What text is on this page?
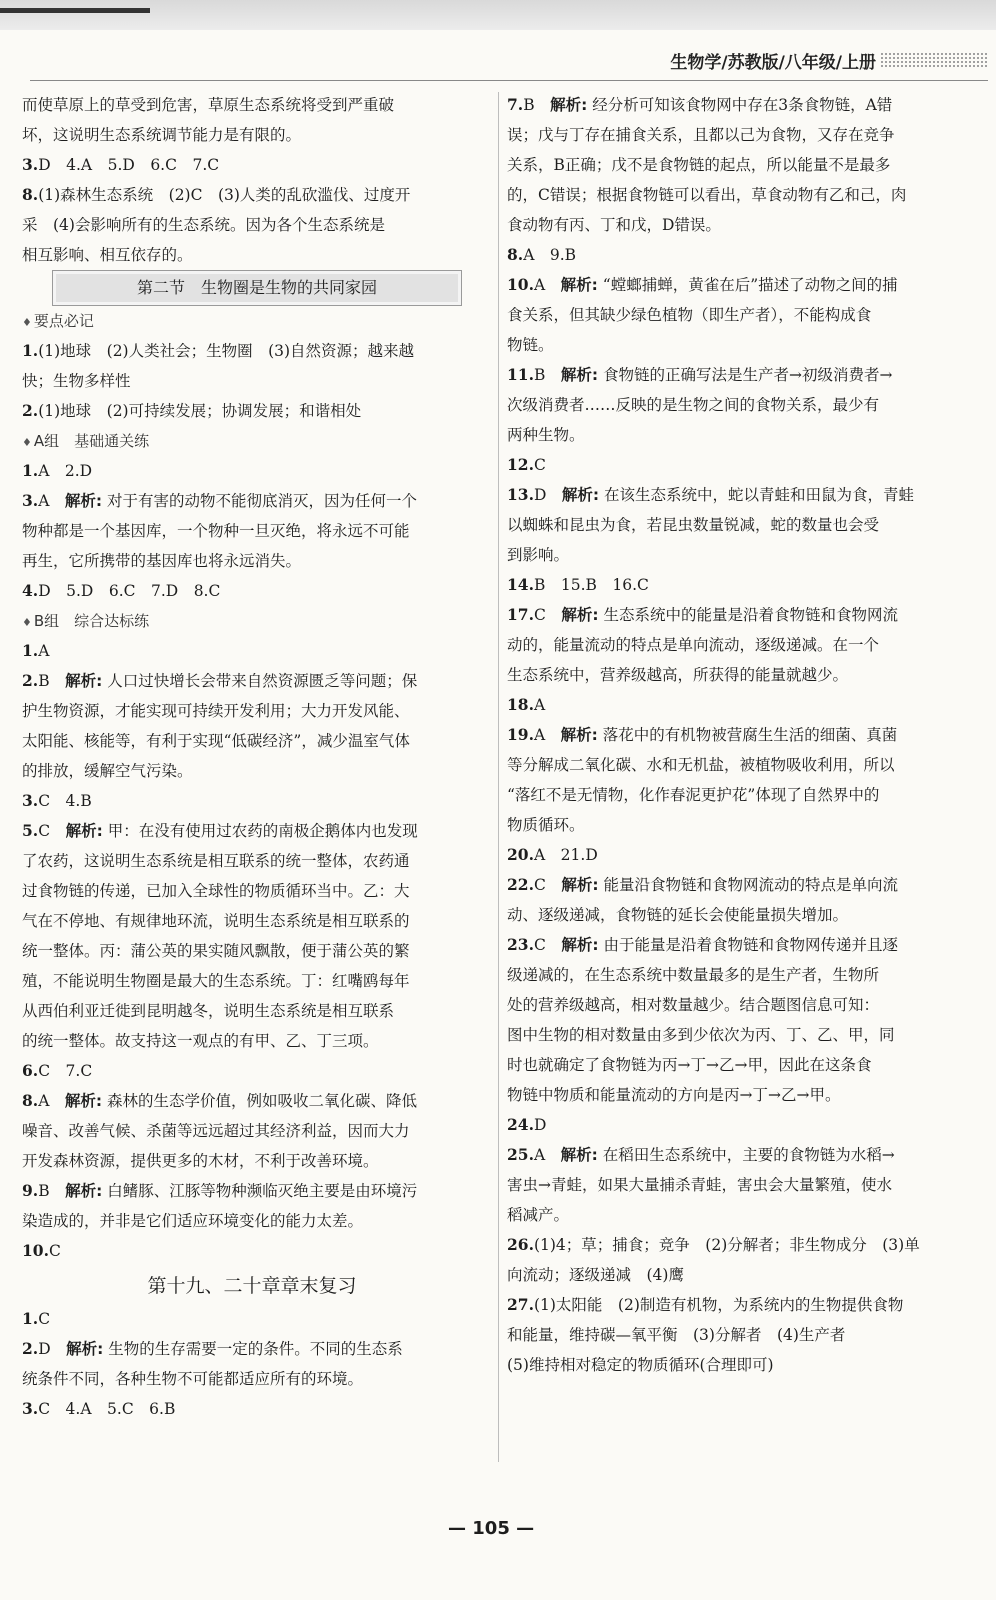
生物学/苏教版/八年级/上册
而使草原上的草受到危害，草原生态系统将受到严重破
坏，这说明生态系统调节能力是有限的。
3.D　4.A　5.D　6.C　7.C
8.(1)森林生态系统　(2)C　(3)人类的乱砍滥伐、过度开
采　(4)会影响所有的生态系统。因为各个生态系统是
相互影响、相互依存的。
第二节　生物圈是生物的共同家园
♦ 要点必记
1.(1)地球　(2)人类社会；生物圈　(3)自然资源；越来越
快；生物多样性
2.(1)地球　(2)可持续发展；协调发展；和谐相处
♦ A组　基础通关练
1.A　2.D
3.A　解析: 对于有害的动物不能彻底消灭，因为任何一个
物种都是一个基因库，一个物种一旦灭绝，将永远不可能
再生，它所携带的基因库也将永远消失。
4.D　5.D　6.C　7.D　8.C
♦ B组　综合达标练
1.A
2.B　解析: 人口过快增长会带来自然资源匮乏等问题；保
护生物资源，才能实现可持续开发利用；大力开发风能、
太阳能、核能等，有利于实现“低碳经济”，减少温室气体
的排放，缓解空气污染。
3.C　4.B
5.C　解析: 甲：在没有使用过农药的南极企鹅体内也发现
了农药，这说明生态系统是相互联系的统一整体，农药通
过食物链的传递，已加入全球性的物质循环当中。乙：大
气在不停地、有规律地环流，说明生态系统是相互联系的
统一整体。丙：蒲公英的果实随风飘散，便于蒲公英的繁
殖，不能说明生物圈是最大的生态系统。丁：红嘴鸥每年
从西伯利亚迁徙到昆明越冬，说明生态系统是相互联系
的统一整体。故支持这一观点的有甲、乙、丁三项。
6.C　7.C
8.A　解析: 森林的生态学价值，例如吸收二氧化碳、降低
噪音、改善气候、杀菌等远远超过其经济利益，因而大力
开发森林资源，提供更多的木材，不利于改善环境。
9.B　解析: 白鳍豚、江豚等物种濒临灭绝主要是由环境污
染造成的，并非是它们适应环境变化的能力太差。
10.C
第十九、二十章章末复习
1.C
2.D　解析: 生物的生存需要一定的条件。不同的生态系
统条件不同，各种生物不可能都适应所有的环境。
3.C　4.A　5.C　6.B
7.B　解析: 经分析可知该食物网中存在3条食物链，A错
误；戊与丁存在捕食关系，且都以己为食物，又存在竞争
关系，B正确；戊不是食物链的起点，所以能量不是最多
的，C错误；根据食物链可以看出，草食动物有乙和己，肉
食动物有丙、丁和戊，D错误。
8.A　9.B
10.A　解析: “螳螂捕蝉，黄雀在后”描述了动物之间的捕
食关系，但其缺少绿色植物（即生产者），不能构成食
物链。
11.B　解析: 食物链的正确写法是生产者→初级消费者→
次级消费者……反映的是生物之间的食物关系，最少有
两种生物。
12.C
13.D　解析: 在该生态系统中，蛇以青蛙和田鼠为食，青蛙
以蜘蛛和昆虫为食，若昆虫数量锐减，蛇的数量也会受
到影响。
14.B　15.B　16.C
17.C　解析: 生态系统中的能量是沿着食物链和食物网流
动的，能量流动的特点是单向流动，逐级递减。在一个
生态系统中，营养级越高，所获得的能量就越少。
18.A
19.A　解析: 落花中的有机物被营腐生生活的细菌、真菌
等分解成二氧化碳、水和无机盐，被植物吸收利用，所以
“落红不是无情物，化作春泥更护花”体现了自然界中的
物质循环。
20.A　21.D
22.C　解析: 能量沿食物链和食物网流动的特点是单向流
动、逐级递减，食物链的延长会使能量损失增加。
23.C　解析: 由于能量是沿着食物链和食物网传递并且逐
级递减的，在生态系统中数量最多的是生产者，生物所
处的营养级越高，相对数量越少。结合题图信息可知：
图中生物的相对数量由多到少依次为丙、丁、乙、甲，同
时也就确定了食物链为丙→丁→乙→甲，因此在这条食
物链中物质和能量流动的方向是丙→丁→乙→甲。
24.D
25.A　解析: 在稻田生态系统中，主要的食物链为水稻→
害虫→青蛙，如果大量捕杀青蛙，害虫会大量繁殖，使水
稻减产。
26.(1)4；草；捕食；竞争　(2)分解者；非生物成分　(3)单
向流动；逐级递减　(4)鹰
27.(1)太阳能　(2)制造有机物，为系统内的生物提供食物
和能量，维持碳—氧平衡　(3)分解者　(4)生产者
(5)维持相对稳定的物质循环(合理即可)
— 105 —
